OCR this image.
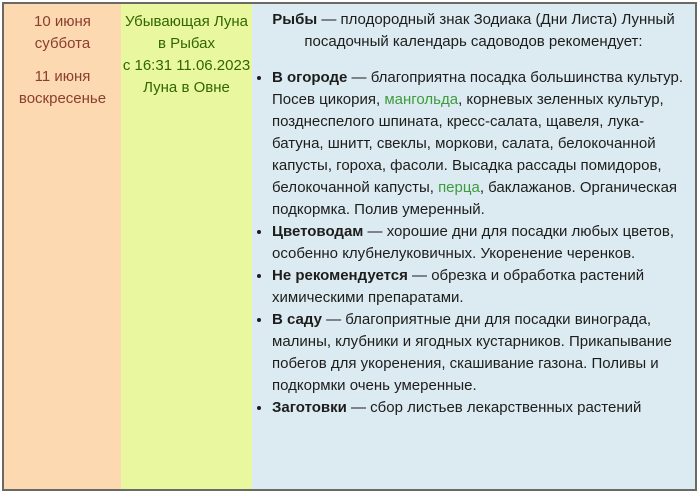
10 июня
суббота
11 июня
воскресенье
Убывающая Луна
в Рыбах
с 16:31 11.06.2023
Луна в Овне
Рыбы — плодородный знак Зодиака (Дни Листа) Лунный посадочный календарь садоводов рекомендует:
• В огороде — благоприятна посадка большинства культур. Посев цикория, мангольда, корневых зеленных культур, позднеспелого шпината, кресс-салата, щавеля, лука-батуна, шнитт, свеклы, моркови, салата, белокочанной капусты, гороха, фасоли. Высадка рассады помидоров, белокочанной капусты, перца, баклажанов. Органическая подкормка. Полив умеренный.
• Цветоводам — хорошие дни для посадки любых цветов, особенно клубнелуковичных. Укоренение черенков.
• Не рекомендуется — обрезка и обработка растений химическими препаратами.
• В саду — благоприятные дни для посадки винограда, малины, клубники и ягодных кустарников. Прикапывание побегов для укоренения, скашивание газона. Поливы и подкормки очень умеренные.
• Заготовки — сбор листьев лекарственных растений
